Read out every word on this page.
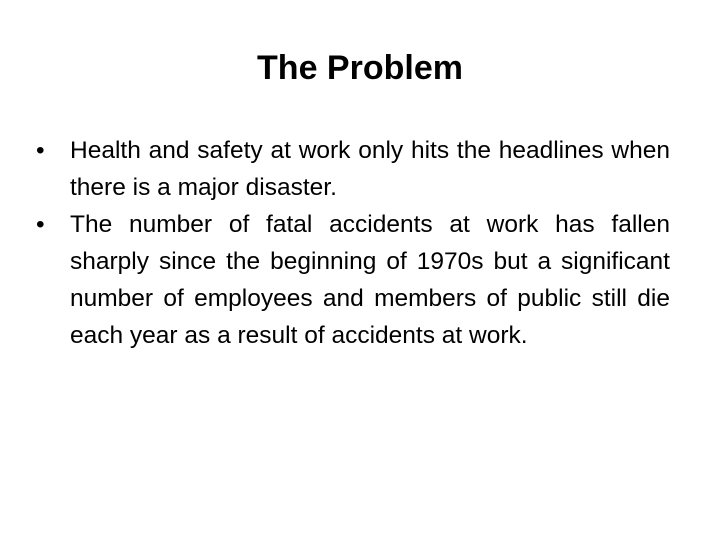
The Problem
•	Health and safety at work only hits the headlines when there is a major disaster.
•	The number of fatal accidents at work has fallen sharply since the beginning of 1970s but a significant number of employees and members of public still die each year as a result of accidents at work.
